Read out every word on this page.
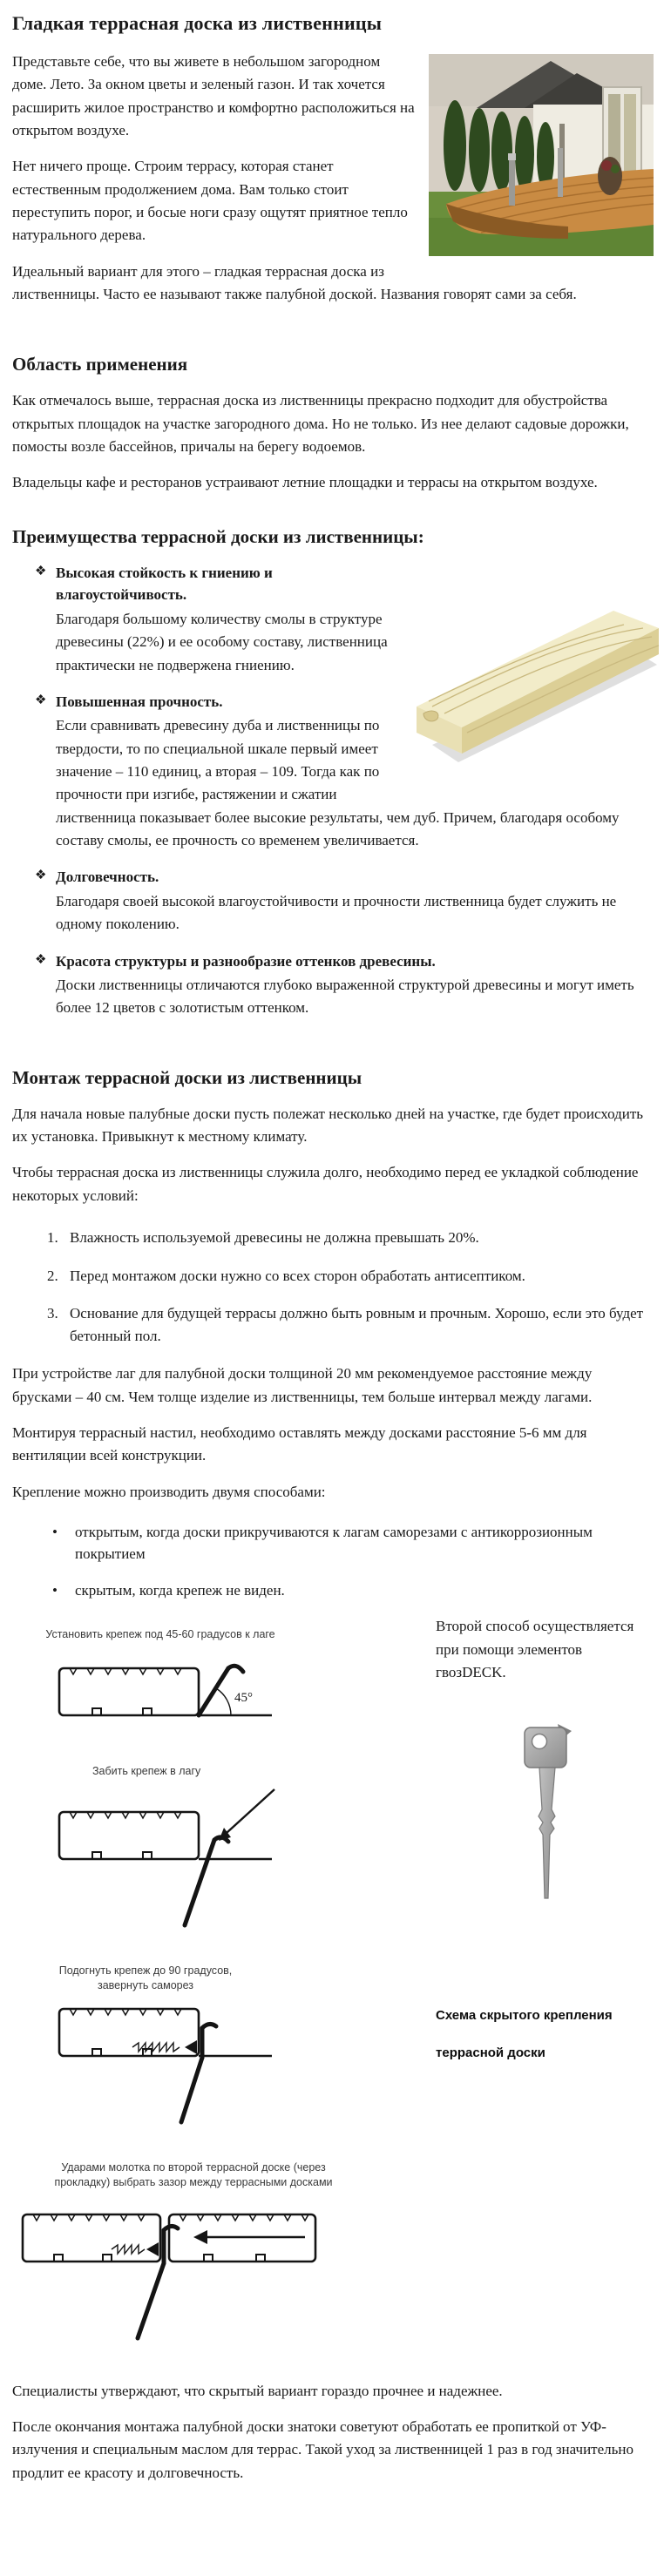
Гладкая террасная доска из лиственницы

Представьте себе, что вы живете в небольшом загородном доме. Лето. За окном цветы и зеленый газон. И так хочется расширить жилое пространство и комфортно расположиться на открытом воздухе.

Нет ничего проще. Строим террасу, которая станет естественным продолжением дома. Вам только стоит переступить порог, и босые ноги сразу ощутят приятное тепло натурального дерева.

Идеальный вариант для этого – гладкая террасная доска из лиственницы. Часто ее называют также палубной доской. Названия говорят сами за себя.

Область применения

Как отмечалось выше, террасная доска из лиственницы прекрасно подходит для обустройства открытых площадок на участке загородного дома. Но не только. Из нее делают садовые дорожки, помосты возле бассейнов, причалы на берегу водоемов.

Владельцы кафе и ресторанов устраивают летние площадки и террасы на открытом воздухе.

Преимущества террасной доски из лиственницы:
❖ Высокая стойкость к гниению и влагоустойчивость.
Благодаря большому количеству смолы в структуре древесины (22%) и ее особому составу, лиственница практически не подвержена гниению.
❖ Повышенная прочность.
Если сравнивать древесину дуба и лиственницы по твердости, то по специальной шкале первый имеет значение – 110 единиц, а вторая – 109. Тогда как по прочности при изгибе, растяжении и сжатии лиственница показывает более высокие результаты, чем дуб. Причем, благодаря особому составу смолы, ее прочность со временем увеличивается.
❖ Долговечность.
Благодаря своей высокой влагоустойчивости и прочности лиственница будет служить не одному поколению.
❖ Красота структуры и разнообразие оттенков древесины.
Доски лиственницы отличаются глубоко выраженной структурой древесины и могут иметь более 12 цветов с золотистым оттенком.
Монтаж террасной доски из лиственницы

Для начала новые палубные доски пусть полежат несколько дней на участке, где будет происходить их установка. Привыкнут к местному климату.

Чтобы террасная доска из лиственницы служила долго, необходимо перед ее укладкой соблюдение некоторых условий:

1. Влажность используемой древесины не должна превышать 20%.
2. Перед монтажом доски нужно со всех сторон обработать антисептиком.
3. Основание для будущей террасы должно быть ровным и прочным. Хорошо, если это будет бетонный пол.

При устройстве лаг для палубной доски толщиной 20 мм рекомендуемое расстояние между брусками – 40 см. Чем толще изделие из лиственницы, тем больше интервал между лагами.

Монтируя террасный настил, необходимо оставлять между досками расстояние 5-6 мм для вентиляции всей конструкции.

Крепление можно производить двумя способами:

•	открытым, когда доски прикручиваются к лагам саморезами с антикоррозионным покрытием
•	скрытым, когда крепеж не виден.
Установить крепеж под 45-60 градусов к лаге
45°
Забить крепеж в лагу
Подогнуть крепеж до 90 градусов, завернуть саморез
Ударами молотка по второй террасной доске (через прокладку) выбрать зазор между террасными досками

Второй способ осуществляется при помощи элементов гвозDECK.

Схема скрытого крепления
террасной доски

Специалисты утверждают, что скрытый вариант гораздо прочнее и надежнее.

После окончания монтажа палубной доски знатоки советуют обработать ее пропиткой от УФ-излучения и специальным маслом для террас. Такой уход за лиственницей 1 раз в год значительно продлит ее красоту и долговечность.
